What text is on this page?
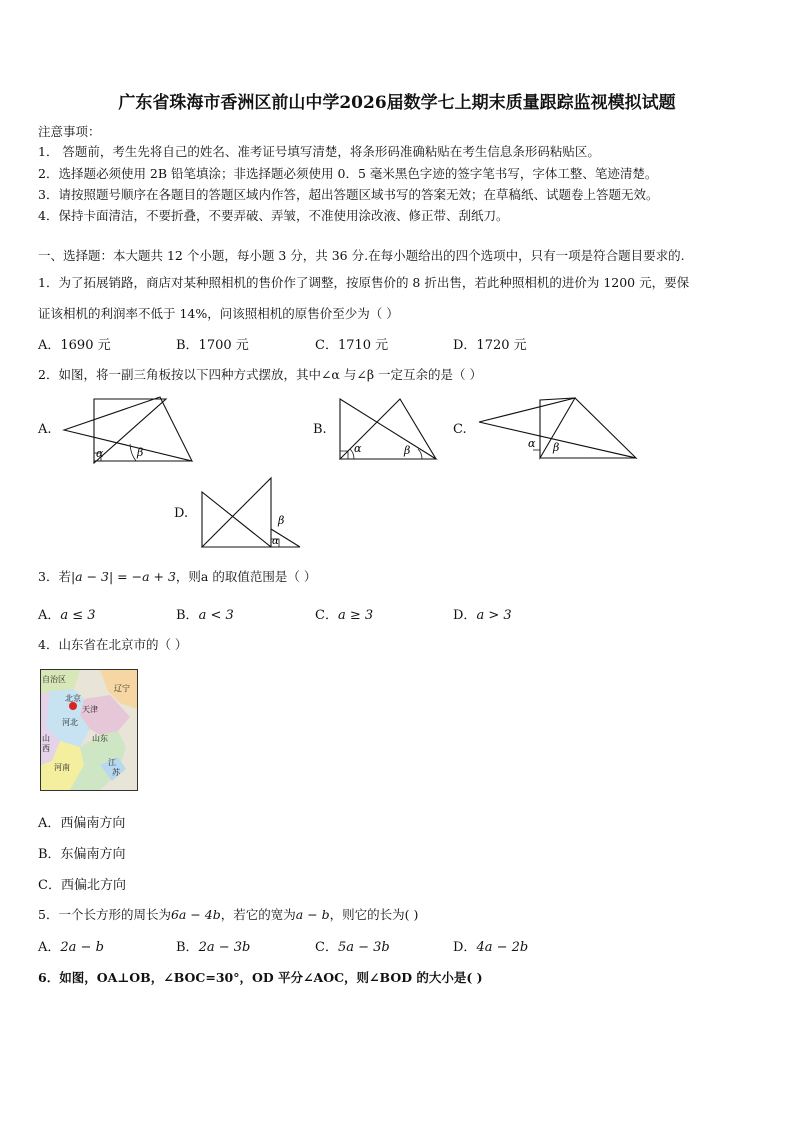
广东省珠海市香洲区前山中学2026届数学七上期末质量跟踪监视模拟试题
注意事项：
1． 答题前，考生先将自己的姓名、准考证号填写清楚，将条形码准确粘贴在考生信息条形码粘贴区。
2．选择题必须使用 2B 铅笔填涂；非选择题必须使用 0．5 毫米黑色字迹的签字笔书写，字体工整、笔迹清楚。
3．请按照题号顺序在各题目的答题区域内作答，超出答题区域书写的答案无效；在草稿纸、试题卷上答题无效。
4．保持卡面清洁，不要折叠，不要弄破、弄皱，不准使用涂改液、修正带、刮纸刀。
一、选择题：本大题共 12 个小题，每小题 3 分，共 36 分.在每小题给出的四个选项中，只有一项是符合题目要求的.
1．为了拓展销路，商店对某种照相机的售价作了调整，按原售价的 8 折出售，若此种照相机的进价为 1200 元，要保
证该相机的利润率不低于 14%，问该照相机的原售价至少为（ ）
A．1690 元	B．1700 元	C．1710 元	D．1720 元
2．如图，将一副三角板按以下四种方式摆放，其中∠α 与∠β 一定互余的是（ ）
A.
α	β
B.
α	β
C.
α β
D.	β
α
3．若|a − 3| = −a + 3，则a 的取值范围是（ ）
A．a ≤ 3	B．a < 3	C．a ≥ 3	D．a > 3
4．山东省在北京市的（ ）
自治区
辽宁
北京
天津
河北
山东
山
西
河南
江
苏
A．西偏南方向
B．东偏南方向
C．西偏北方向
5．一个长方形的周长为6a − 4b，若它的宽为a − b，则它的长为( )
A．2a − b	B．2a − 3b	C．5a − 3b	D．4a − 2b
6．如图，OA⊥OB，∠BOC=30°，OD 平分∠AOC，则∠BOD 的大小是( )
